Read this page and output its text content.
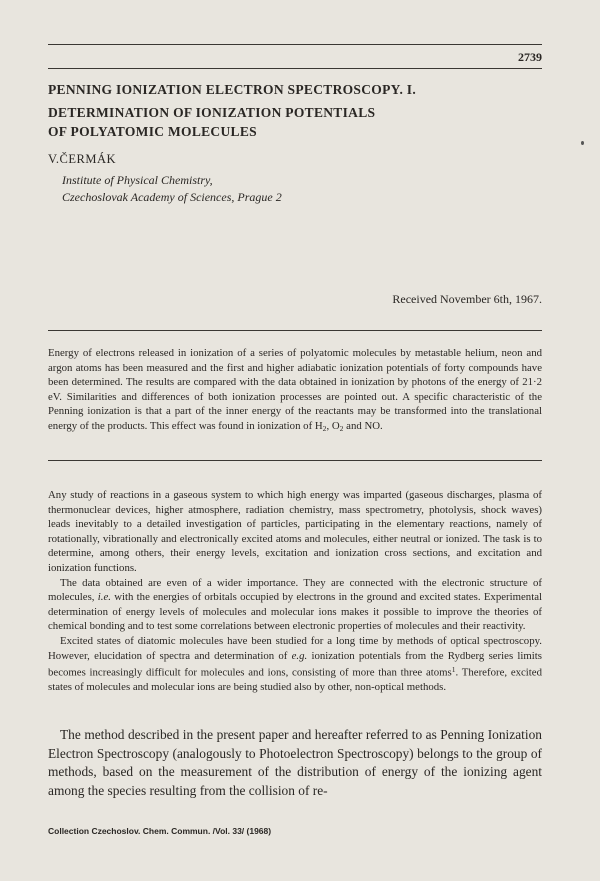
2739
PENNING IONIZATION ELECTRON SPECTROSCOPY. I.
DETERMINATION OF IONIZATION POTENTIALS
OF POLYATOMIC MOLECULES
V.ČERMÁK
Institute of Physical Chemistry,
Czechoslovak Academy of Sciences, Prague 2
Received November 6th, 1967.
Energy of electrons released in ionization of a series of polyatomic molecules by metastable helium, neon and argon atoms has been measured and the first and higher adiabatic ionization potentials of forty compounds have been determined. The results are compared with the data obtained in ionization by photons of the energy of 21·2 eV. Similarities and differences of both ionization processes are pointed out. A specific characteristic of the Penning ionization is that a part of the inner energy of the reactants may be transformed into the translational energy of the products. This effect was found in ionization of $H_2$, $O_2$ and NO.

Any study of reactions in a gaseous system to which high energy was imparted (gaseous discharges, plasma of thermonuclear devices, higher atmosphere, radiation chemistry, mass spectrometry, photolysis, shock waves) leads inevitably to a detailed investigation of particles, participating in the elementary reactions, namely of rotationally, vibrationally and electronically excited atoms and molecules, either neutral or ionized. The task is to determine, among others, their energy levels, excitation and ionization cross sections, and excitation and ionization functions.

The data obtained are even of a wider importance. They are connected with the electronic structure of molecules, i.e. with the energies of orbitals occupied by electrons in the ground and excited states. Experimental determination of energy levels of molecules and molecular ions makes it possible to improve the theories of chemical bonding and to test some correlations between electronic properties of molecules and their reactivity.

Excited states of diatomic molecules have been studied for a long time by methods of optical spectroscopy. However, elucidation of spectra and determination of e.g. ionization potentials from the Rydberg series limits becomes increasingly difficult for molecules and ions, consisting of more than three atoms$^1$. Therefore, excited states of molecules and molecular ions are being studied also by other, non-optical methods.

The method described in the present paper and hereafter referred to as Penning Ionization Electron Spectroscopy (analogously to Photoelectron Spectroscopy) belongs to the group of methods, based on the measurement of the distribution of energy of the ionizing agent among the species resulting from the collision of re-
Collection Czechoslov. Chem. Commun. /Vol. 33/ (1968)
